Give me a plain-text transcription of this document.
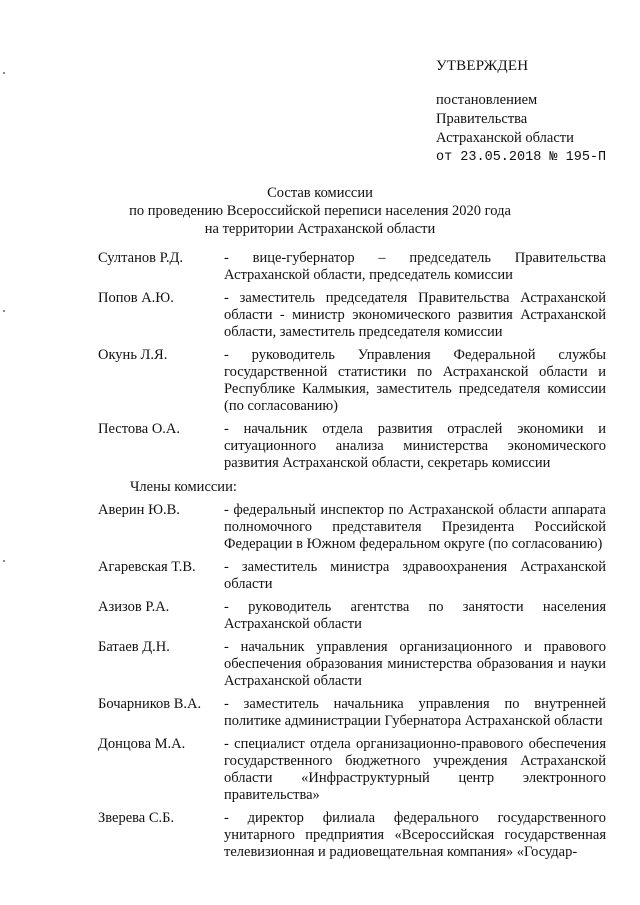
УТВЕРЖДЕН
постановлением
Правительства
Астраханской области
от 23.05.2018 № 195-П
Состав комиссии
по проведению Всероссийской переписи населения 2020 года
на территории Астраханской области
Султанов Р.Д.	- вице-губернатор – председатель Правительства Астраханской области, председатель комиссии
Попов А.Ю.	- заместитель председателя Правительства Астраханской области - министр экономического развития Астраханской области, заместитель председателя комиссии
Окунь Л.Я.	- руководитель Управления Федеральной службы государственной статистики по Астраханской области и Республике Калмыкия, заместитель председателя комиссии (по согласованию)
Пестова О.А.	- начальник отдела развития отраслей экономики и ситуационного анализа министерства экономического развития Астраханской области, секретарь комиссии
Члены комиссии:
Аверин Ю.В.	- федеральный инспектор по Астраханской области аппарата полномочного представителя Президента Российской Федерации в Южном федеральном округе (по согласованию)
Агаревская Т.В.	- заместитель министра здравоохранения Астраханской области
Азизов Р.А.	- руководитель агентства по занятости населения Астраханской области
Батаев Д.Н.	- начальник управления организационного и правового обеспечения образования министерства образования и науки Астраханской области
Бочарников В.А.	- заместитель начальника управления по внутренней политике администрации Губернатора Астраханской области
Донцова М.А.	- специалист отдела организационно-правового обеспечения государственного бюджетного учреждения Астраханской области «Инфраструктурный центр электронного правительства»
Зверева С.Б.	- директор филиала федерального государственного унитарного предприятия «Всероссийская государственная телевизионная и радиовещательная компания» «Государ-
